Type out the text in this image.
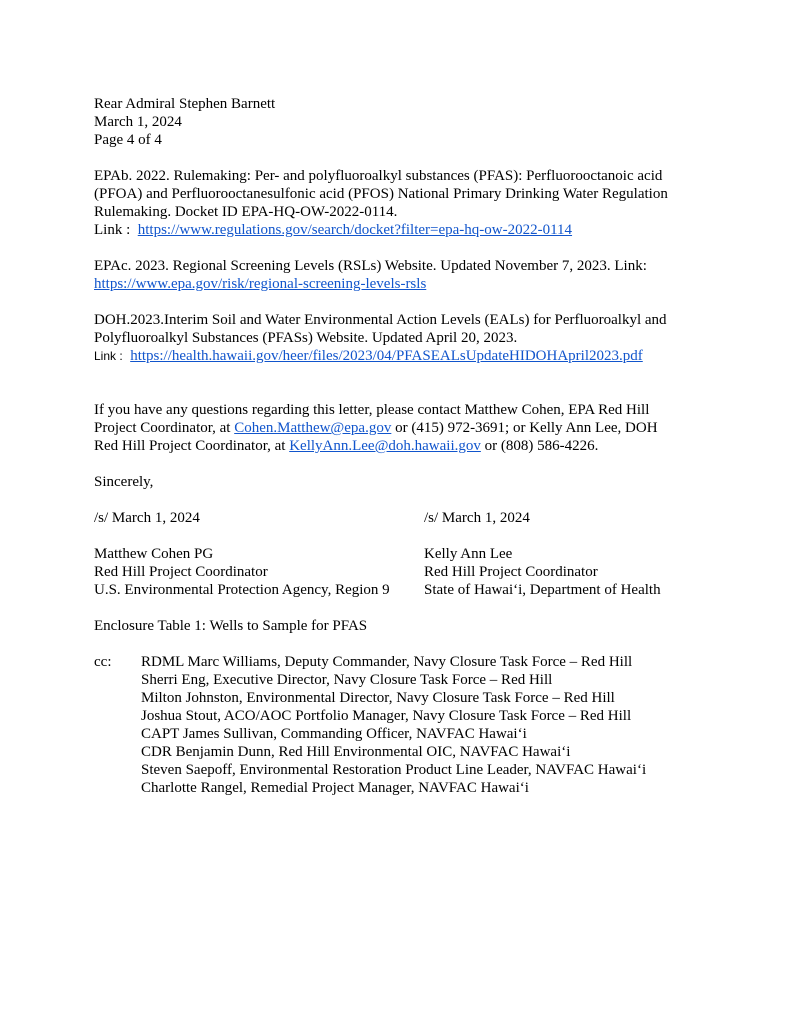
Rear Admiral Stephen Barnett
March 1, 2024
Page 4 of 4
EPAb. 2022. Rulemaking: Per- and polyfluoroalkyl substances (PFAS): Perfluorooctanoic acid
(PFOA) and Perfluorooctanesulfonic acid (PFOS) National Primary Drinking Water Regulation
Rulemaking. Docket ID EPA-HQ-OW-2022-0114.
Link : https://www.regulations.gov/search/docket?filter=epa-hq-ow-2022-0114
EPAc. 2023. Regional Screening Levels (RSLs) Website. Updated November 7, 2023. Link:
https://www.epa.gov/risk/regional-screening-levels-rsls
DOH.2023.Interim Soil and Water Environmental Action Levels (EALs) for Perfluoroalkyl and
Polyfluoroalkyl Substances (PFASs) Website. Updated April 20, 2023.
Link : https://health.hawaii.gov/heer/files/2023/04/PFASEALsUpdateHIDOHApril2023.pdf
If you have any questions regarding this letter, please contact Matthew Cohen, EPA Red Hill
Project Coordinator, at Cohen.Matthew@epa.gov or (415) 972-3691; or Kelly Ann Lee, DOH
Red Hill Project Coordinator, at KellyAnn.Lee@doh.hawaii.gov or (808) 586-4226.
Sincerely,
/s/ March 1, 2024	/s/ March 1, 2024
Matthew Cohen PG	Kelly Ann Lee
Red Hill Project Coordinator	Red Hill Project Coordinator
U.S. Environmental Protection Agency, Region 9 State of Hawaiʻi, Department of Health
Enclosure Table 1: Wells to Sample for PFAS
cc: RDML Marc Williams, Deputy Commander, Navy Closure Task Force – Red Hill
Sherri Eng, Executive Director, Navy Closure Task Force – Red Hill
Milton Johnston, Environmental Director, Navy Closure Task Force – Red Hill
Joshua Stout, ACO/AOC Portfolio Manager, Navy Closure Task Force – Red Hill
CAPT James Sullivan, Commanding Officer, NAVFAC Hawaiʻi
CDR Benjamin Dunn, Red Hill Environmental OIC, NAVFAC Hawaiʻi
Steven Saepoff, Environmental Restoration Product Line Leader, NAVFAC Hawaiʻi
Charlotte Rangel, Remedial Project Manager, NAVFAC Hawaiʻi
